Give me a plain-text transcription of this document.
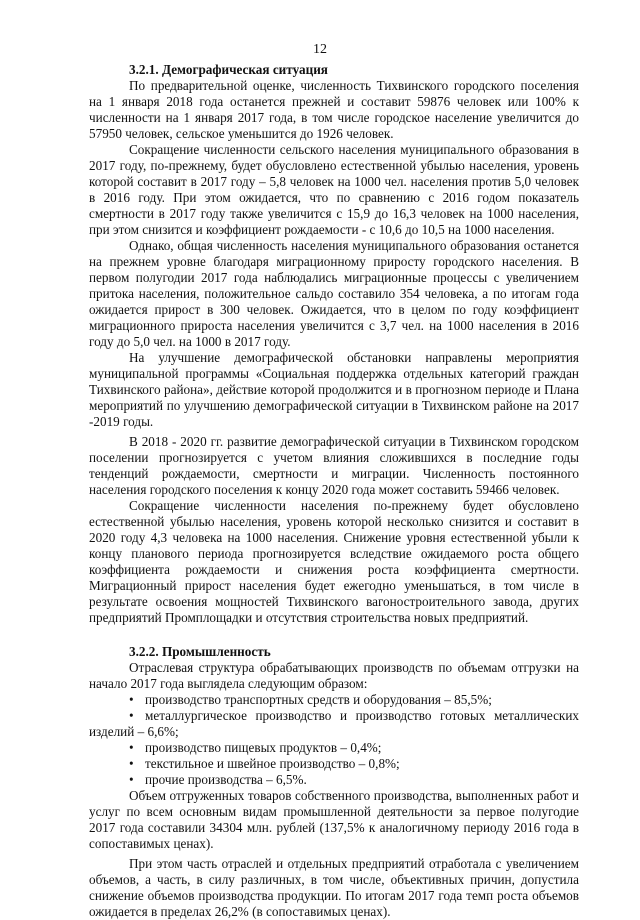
12

3.2.1. Демографическая ситуация

По предварительной оценке, численность Тихвинского городского поселения на 1 января 2018 года останется прежней и составит 59876 человек или 100% к численности на 1 января 2017 года, в том числе городское население увеличится до 57950 человек, сельское уменьшится до 1926 человек.

Сокращение численности сельского населения муниципального образования в 2017 году, по-прежнему, будет обусловлено естественной убылью населения, уровень которой составит в 2017 году – 5,8 человек на 1000 чел. населения против 5,0 человек в 2016 году. При этом ожидается, что по сравнению с 2016 годом показатель смертности в 2017 году также увеличится с 15,9 до 16,3 человек на 1000 населения, при этом снизится и коэффициент рождаемости - с 10,6 до 10,5 на 1000 населения.

Однако, общая численность населения муниципального образования останется на прежнем уровне благодаря миграционному приросту городского населения. В первом полугодии 2017 года наблюдались миграционные процессы с увеличением притока населения, положительное сальдо составило 354 человека, а по итогам года ожидается прирост в 300 человек. Ожидается, что в целом по году коэффициент миграционного прироста населения увеличится с 3,7 чел. на 1000 населения в 2016 году до 5,0 чел. на 1000 в 2017 году.

На улучшение демографической обстановки направлены мероприятия муниципальной программы «Социальная поддержка отдельных категорий граждан Тихвинского района», действие которой продолжится и в прогнозном периоде и Плана мероприятий по улучшению демографической ситуации в Тихвинском районе на 2017 -2019 годы.

В 2018 - 2020 гг. развитие демографической ситуации в Тихвинском городском поселении прогнозируется с учетом влияния сложившихся в последние годы тенденций рождаемости, смертности и миграции. Численность постоянного населения городского поселения к концу 2020 года может составить 59466 человек.

Сокращение численности населения по-прежнему будет обусловлено естественной убылью населения, уровень которой несколько снизится и составит в 2020 году 4,3 человека на 1000 населения. Снижение уровня естественной убыли к концу планового периода прогнозируется вследствие ожидаемого роста общего коэффициента рождаемости и снижения роста коэффициента смертности. Миграционный прирост населения будет ежегодно уменьшаться, в том числе в результате освоения мощностей Тихвинского вагоностроительного завода, других предприятий Промплощадки и отсутствия строительства новых предприятий.

3.2.2. Промышленность

Отраслевая структура обрабатывающих производств по объемам отгрузки на начало 2017 года выглядела следующим образом:

• производство транспортных средств и оборудования – 85,5%;
• металлургическое производство и производство готовых металлических изделий – 6,6%;
• производство пищевых продуктов – 0,4%;
• текстильное и швейное производство – 0,8%;
• прочие производства – 6,5%.

Объем отгруженных товаров собственного производства, выполненных работ и услуг по всем основным видам промышленной деятельности за первое полугодие 2017 года составили 34304 млн. рублей (137,5% к аналогичному периоду 2016 года в сопоставимых ценах).

При этом часть отраслей и отдельных предприятий отработала с увеличением объемов, а часть, в силу различных, в том числе, объективных причин, допустила снижение объемов производства продукции. По итогам 2017 года темп роста объемов ожидается в пределах 26,2% (в сопоставимых ценах).
